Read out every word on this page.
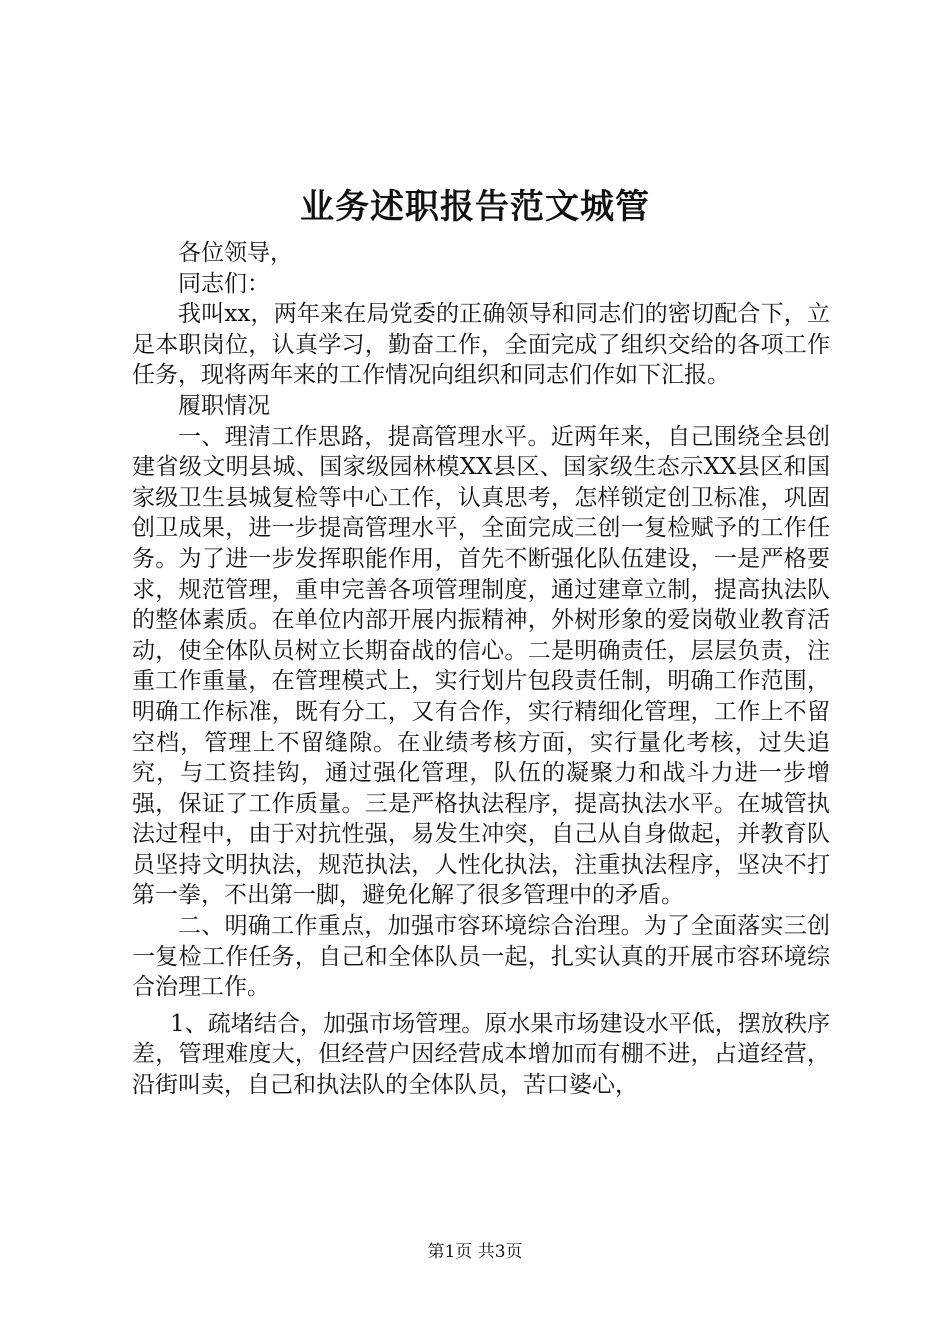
业务述职报告范文城管

各位领导，

同志们：

我叫xx，两年来在局党委的正确领导和同志们的密切配合下，立足本职岗位，认真学习，勤奋工作，全面完成了组织交给的各项工作任务，现将两年来的工作情况向组织和同志们作如下汇报。

履职情况

一、理清工作思路，提高管理水平。近两年来，自己围绕全县创建省级文明县城、国家级园林模XX县区、国家级生态示XX县区和国家级卫生县城复检等中心工作，认真思考，怎样锁定创卫标准，巩固创卫成果，进一步提高管理水平，全面完成三创一复检赋予的工作任务。为了进一步发挥职能作用，首先不断强化队伍建设，一是严格要求，规范管理，重申完善各项管理制度，通过建章立制，提高执法队的整体素质。在单位内部开展内振精神，外树形象的爱岗敬业教育活动，使全体队员树立长期奋战的信心。二是明确责任，层层负责，注重工作重量，在管理模式上，实行划片包段责任制，明确工作范围，明确工作标准，既有分工，又有合作，实行精细化管理，工作上不留空档，管理上不留缝隙。在业绩考核方面，实行量化考核，过失追究，与工资挂钩，通过强化管理，队伍的凝聚力和战斗力进一步增强，保证了工作质量。三是严格执法程序，提高执法水平。在城管执法过程中，由于对抗性强，易发生冲突，自己从自身做起，并教育队员坚持文明执法，规范执法，人性化执法，注重执法程序，坚决不打第一拳，不出第一脚，避免化解了很多管理中的矛盾。

二、明确工作重点，加强市容环境综合治理。为了全面落实三创一复检工作任务，自己和全体队员一起，扎实认真的开展市容环境综合治理工作。

1、疏堵结合，加强市场管理。原水果市场建设水平低，摆放秩序差，管理难度大，但经营户因经营成本增加而有棚不进，占道经营，沿街叫卖，自己和执法队的全体队员，苦口婆心，

第1页 共3页
